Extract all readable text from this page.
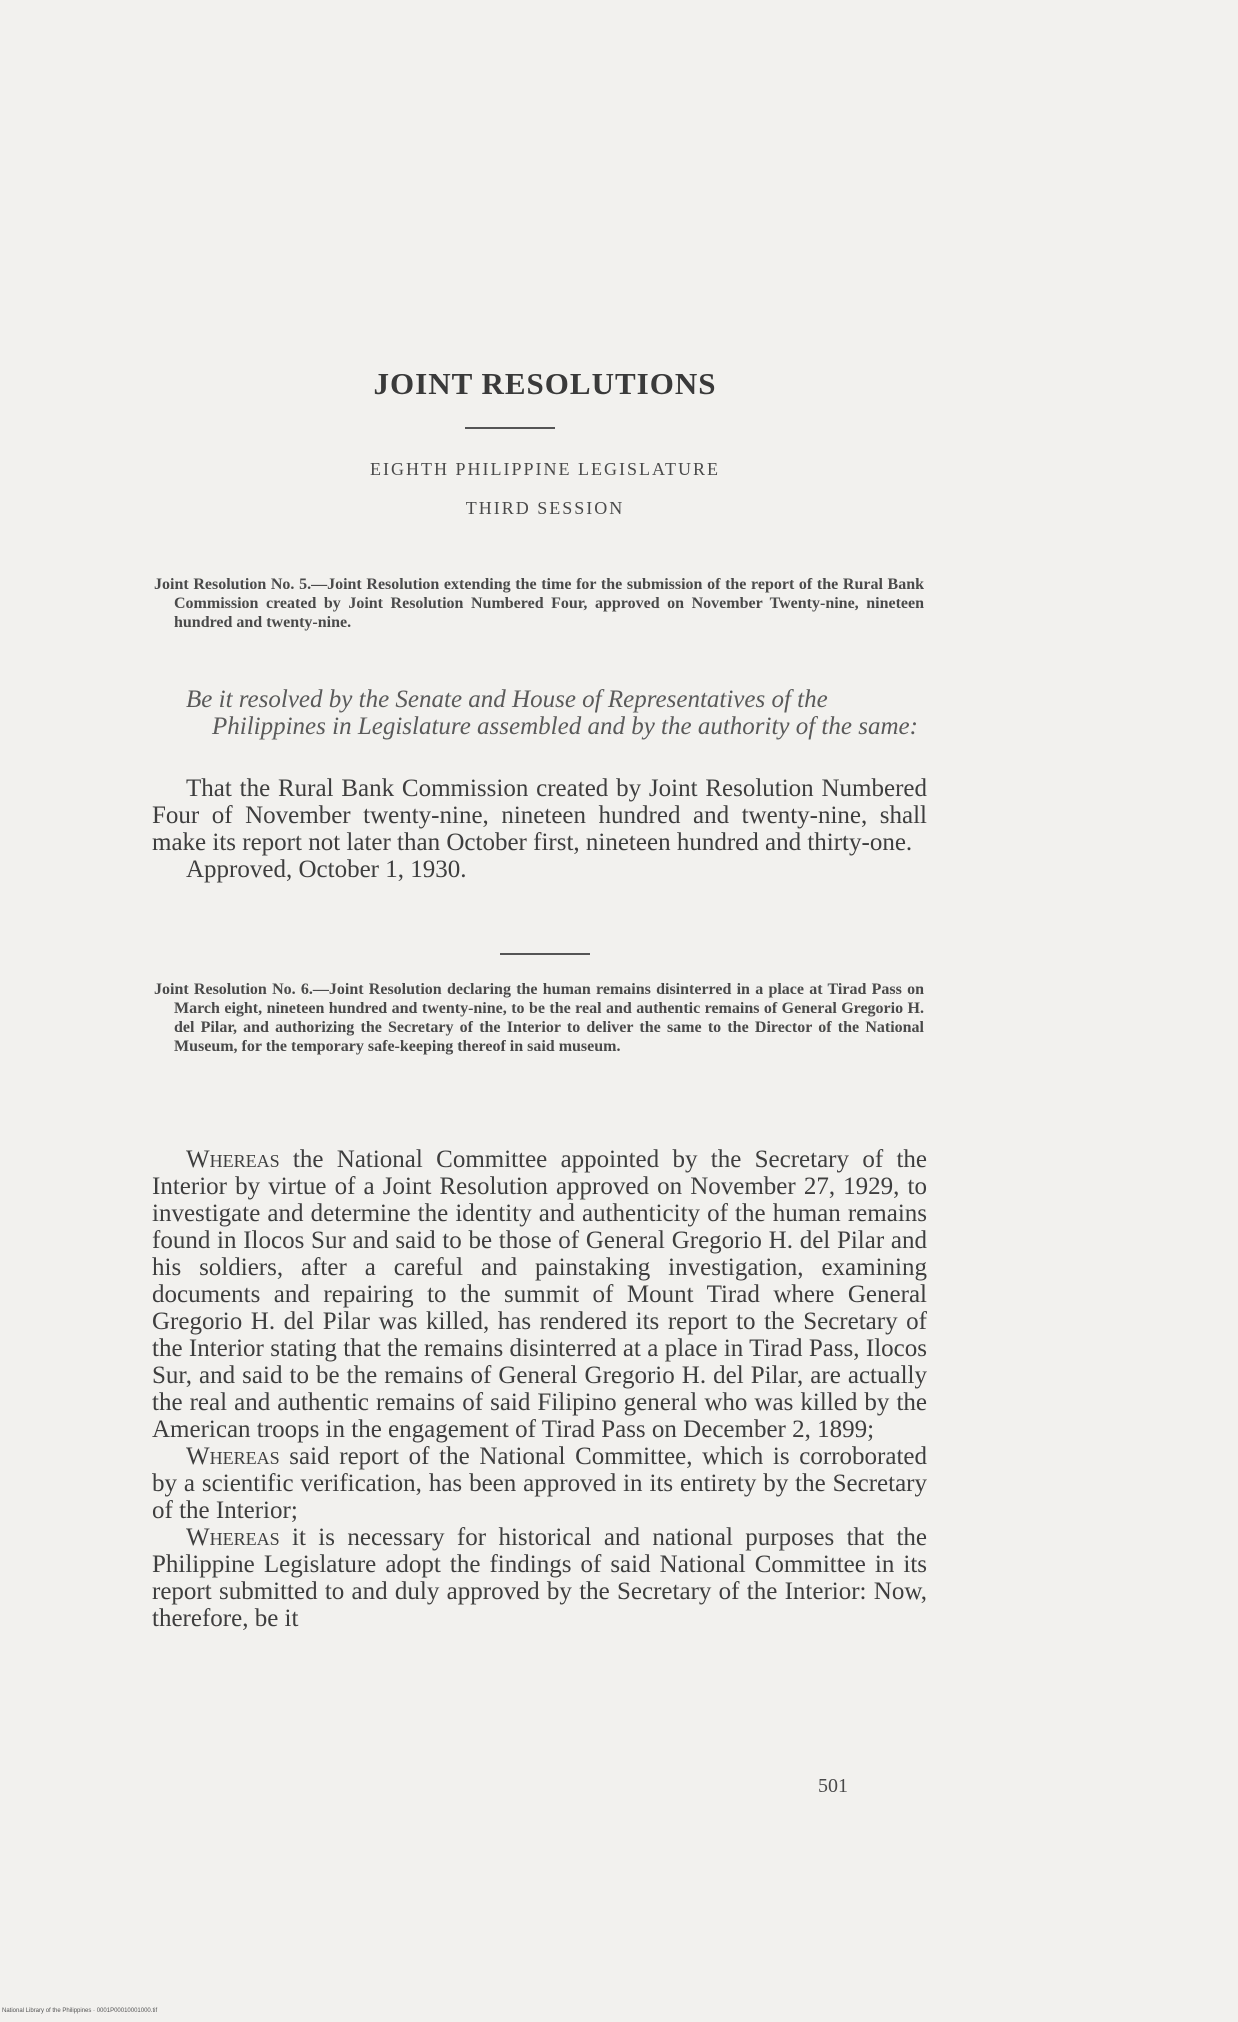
JOINT RESOLUTIONS
EIGHTH PHILIPPINE LEGISLATURE
THIRD SESSION
Joint Resolution No. 5.—Joint Resolution extending the time for the submission of the report of the Rural Bank Commission created by Joint Resolution Numbered Four, approved on November Twenty-nine, nineteen hundred and twenty-nine.
Be it resolved by the Senate and House of Representatives of the Philippines in Legislature assembled and by the authority of the same:

That the Rural Bank Commission created by Joint Resolution Numbered Four of November twenty-nine, nineteen hundred and twenty-nine, shall make its report not later than October first, nineteen hundred and thirty-one.

Approved, October 1, 1930.

Joint Resolution No. 6.—Joint Resolution declaring the human remains disinterred in a place at Tirad Pass on March eight, nineteen hundred and twenty-nine, to be the real and authentic remains of General Gregorio H. del Pilar, and authorizing the Secretary of the Interior to deliver the same to the Director of the National Museum, for the temporary safe-keeping thereof in said museum.

Whereas the National Committee appointed by the Secretary of the Interior by virtue of a Joint Resolution approved on November 27, 1929, to investigate and determine the identity and authenticity of the human remains found in Ilocos Sur and said to be those of General Gregorio H. del Pilar and his soldiers, after a careful and painstaking investigation, examining documents and repairing to the summit of Mount Tirad where General Gregorio H. del Pilar was killed, has rendered its report to the Secretary of the Interior stating that the remains disinterred at a place in Tirad Pass, Ilocos Sur, and said to be the remains of General Gregorio H. del Pilar, are actually the real and authentic remains of said Filipino general who was killed by the American troops in the engagement of Tirad Pass on December 2, 1899;

Whereas said report of the National Committee, which is corroborated by a scientific verification, has been approved in its entirety by the Secretary of the Interior;

Whereas it is necessary for historical and national purposes that the Philippine Legislature adopt the findings of said National Committee in its report submitted to and duly approved by the Secretary of the Interior: Now, therefore, be it

501
National Library of the Philippines · 0001P00010001000.tif
